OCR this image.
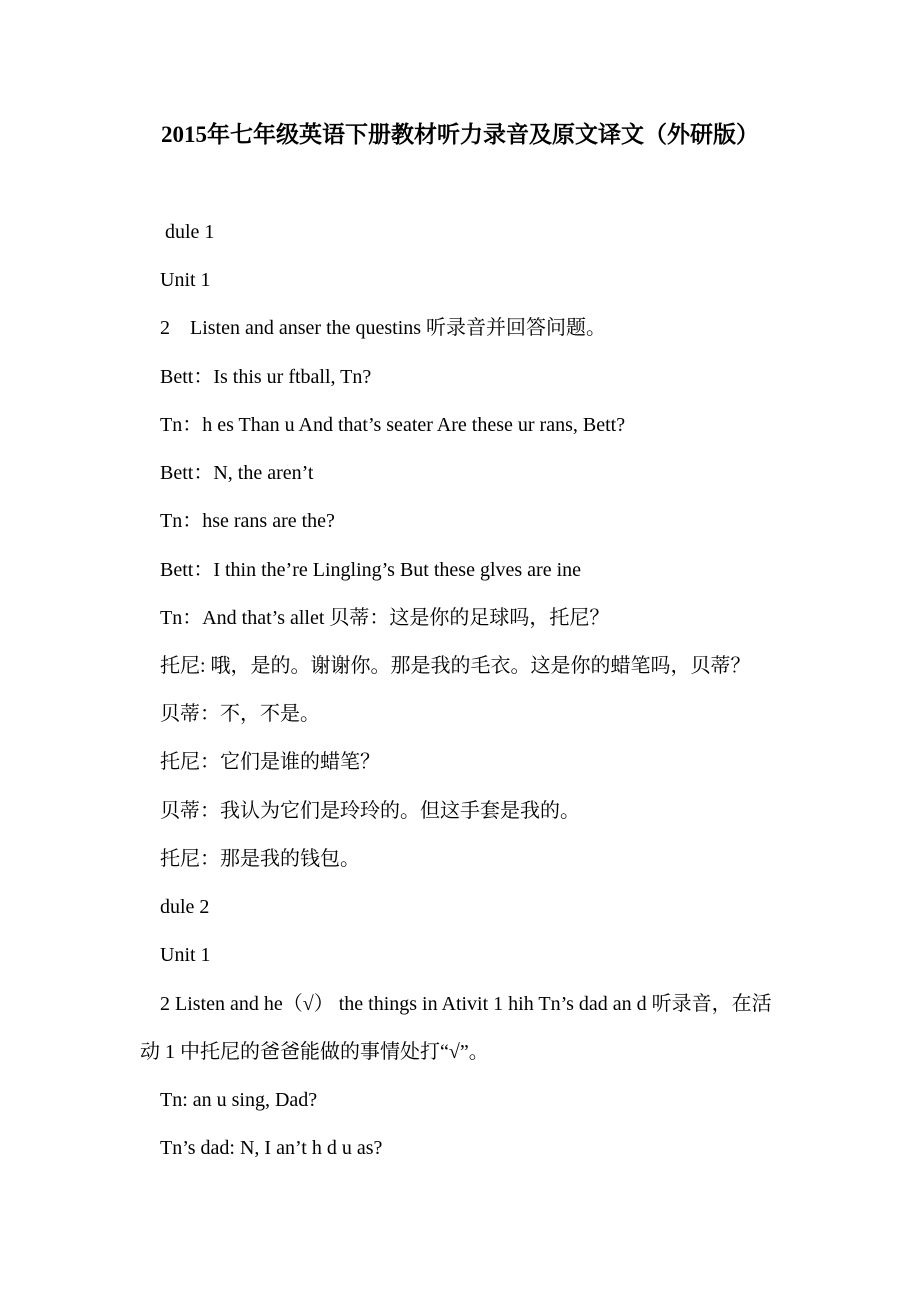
2015年七年级英语下册教材听力录音及原文译文（外研版）
dule 1
Unit 1
2    Listen and anser the questins 听录音并回答问题。
Bett：Is this ur ftball, Tn?
Tn：h es Than u And that’s seater Are these ur rans, Bett?
Bett：N, the aren’t
Tn：hse rans are the?
Bett：I thin the’re Lingling’s But these glves are ine
Tn：And that’s allet 贝蒂：这是你的足球吗，托尼？
托尼: 哦，是的。谢谢你。那是我的毛衣。这是你的蜡笔吗，贝蒂？
贝蒂：不，不是。
托尼：它们是谁的蜡笔？
贝蒂：我认为它们是玲玲的。但这手套是我的。
托尼：那是我的钱包。
dule 2
Unit 1
2 Listen and he（√） the things in Ativit 1 hih Tn’s dad an d 听录音，在活动 1 中托尼的爸爸能做的事情处打“√”。
Tn: an u sing, Dad?
Tn’s dad: N, I an’t h d u as?
